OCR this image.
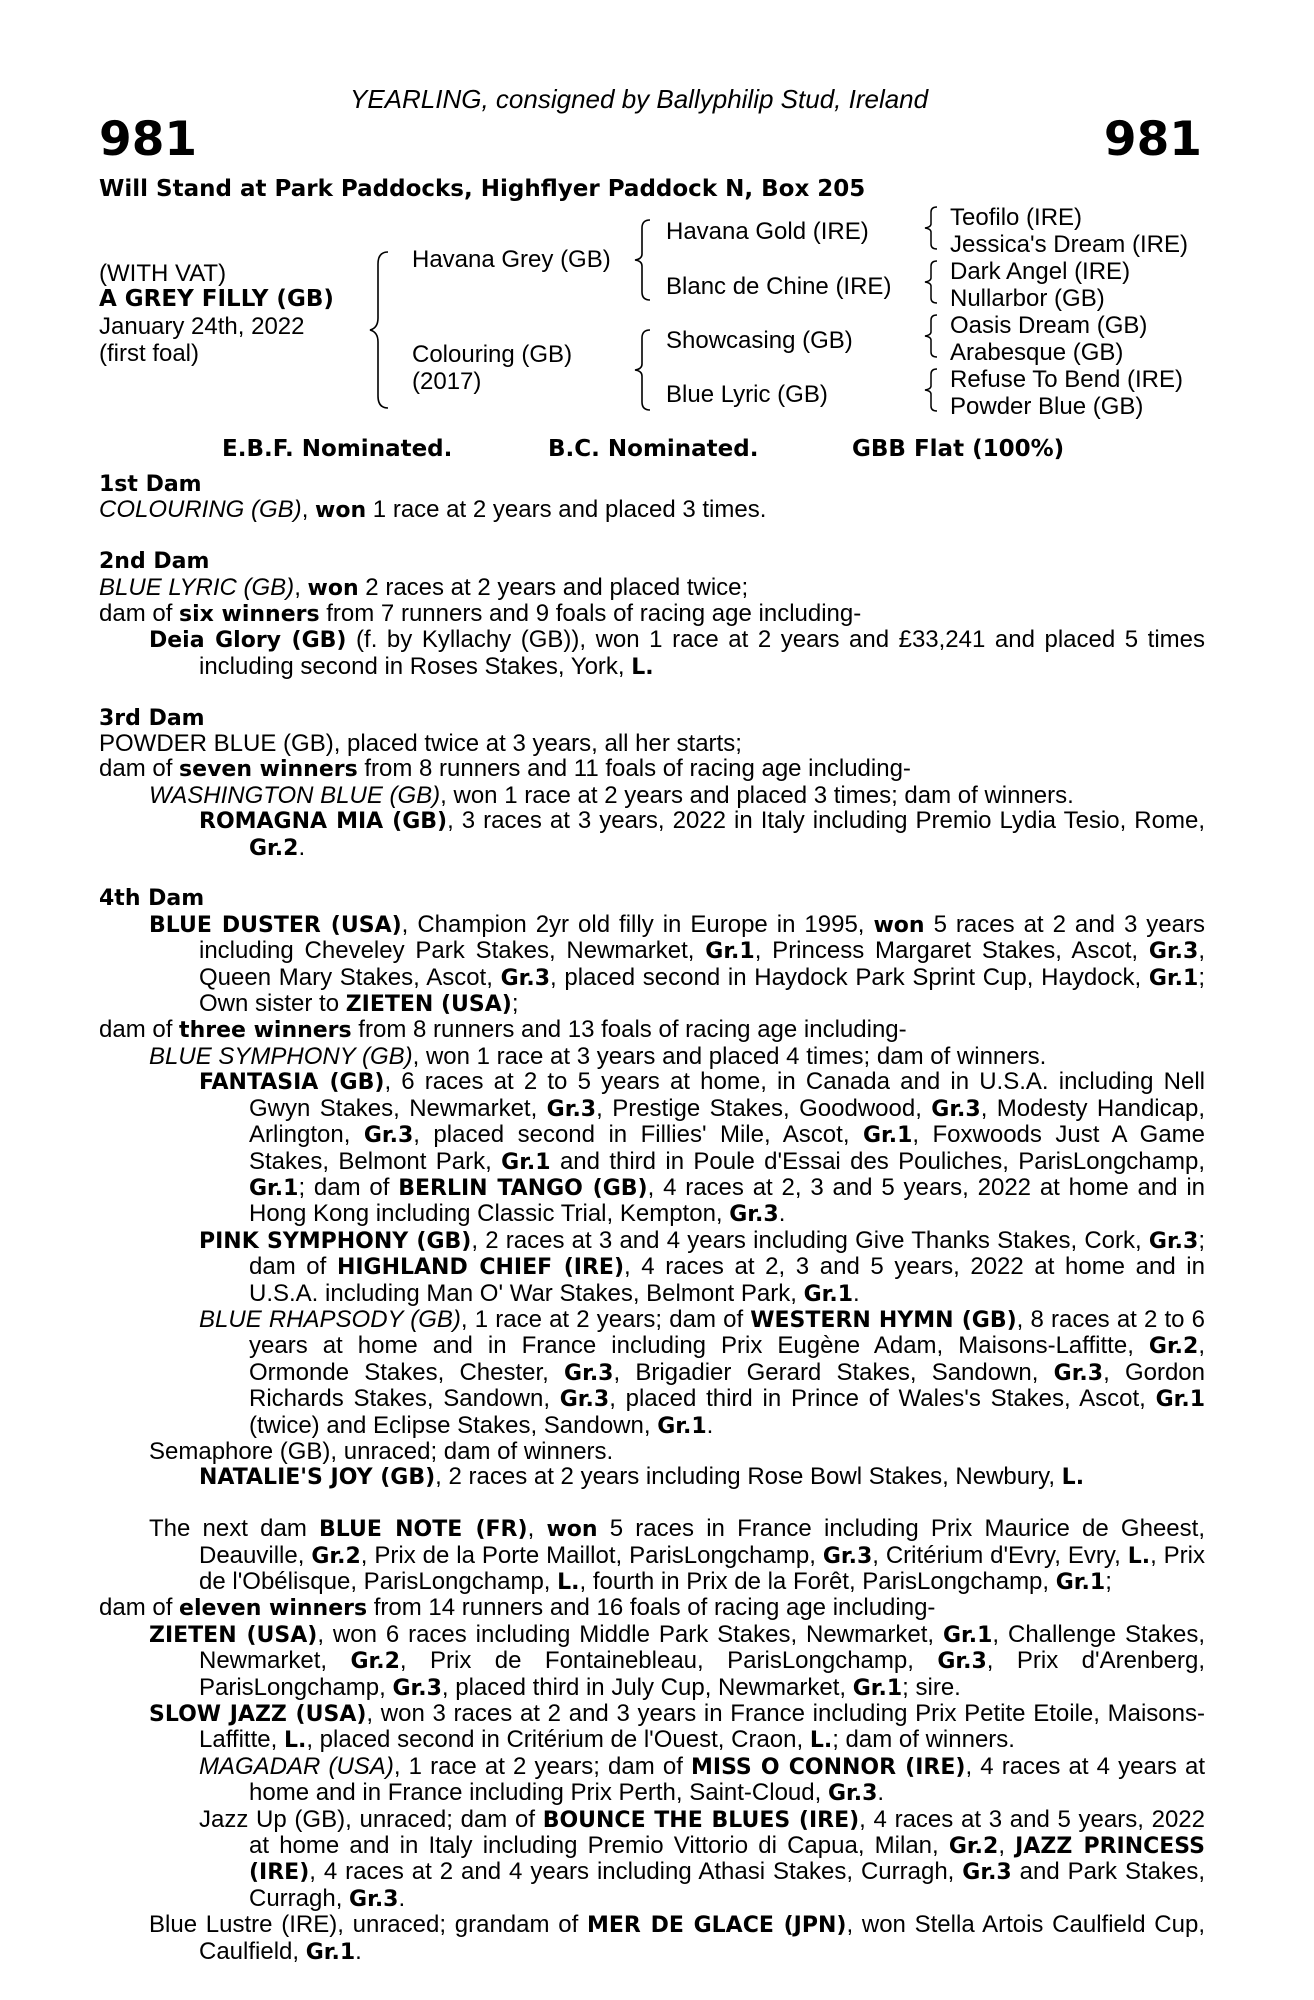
YEARLING, consigned by Ballyphilip Stud, Ireland
981	981
Will Stand at Park Paddocks, Highflyer Paddock N, Box 205
(WITH VAT)
A GREY FILLY (GB)
January 24th, 2022
(first foal)
Havana Grey (GB)
Colouring (GB)
(2017)
Havana Gold (IRE)
Blanc de Chine (IRE)
Showcasing (GB)
Blue Lyric (GB)
Teofilo (IRE)
Jessica's Dream (IRE)
Dark Angel (IRE)
Nullarbor (GB)
Oasis Dream (GB)
Arabesque (GB)
Refuse To Bend (IRE)
Powder Blue (GB)
E.B.F. Nominated.	B.C. Nominated.	GBB Flat (100%)
1st Dam
COLOURING (GB), won 1 race at 2 years and placed 3 times.
2nd Dam
BLUE LYRIC (GB), won 2 races at 2 years and placed twice;
dam of six winners from 7 runners and 9 foals of racing age including-
Deia Glory (GB) (f. by Kyllachy (GB)), won 1 race at 2 years and £33,241 and placed 5 times including second in Roses Stakes, York, L.
3rd Dam
POWDER BLUE (GB), placed twice at 3 years, all her starts;
dam of seven winners from 8 runners and 11 foals of racing age including-
WASHINGTON BLUE (GB), won 1 race at 2 years and placed 3 times; dam of winners.
ROMAGNA MIA (GB), 3 races at 3 years, 2022 in Italy including Premio Lydia Tesio, Rome, Gr.2.
4th Dam
BLUE DUSTER (USA), Champion 2yr old filly in Europe in 1995, won 5 races at 2 and 3 years including Cheveley Park Stakes, Newmarket, Gr.1, Princess Margaret Stakes, Ascot, Gr.3, Queen Mary Stakes, Ascot, Gr.3, placed second in Haydock Park Sprint Cup, Haydock, Gr.1; Own sister to ZIETEN (USA);
dam of three winners from 8 runners and 13 foals of racing age including-
BLUE SYMPHONY (GB), won 1 race at 3 years and placed 4 times; dam of winners.
FANTASIA (GB), 6 races at 2 to 5 years at home, in Canada and in U.S.A. including Nell Gwyn Stakes, Newmarket, Gr.3, Prestige Stakes, Goodwood, Gr.3, Modesty Handicap, Arlington, Gr.3, placed second in Fillies' Mile, Ascot, Gr.1, Foxwoods Just A Game Stakes, Belmont Park, Gr.1 and third in Poule d'Essai des Pouliches, ParisLongchamp, Gr.1; dam of BERLIN TANGO (GB), 4 races at 2, 3 and 5 years, 2022 at home and in Hong Kong including Classic Trial, Kempton, Gr.3.
PINK SYMPHONY (GB), 2 races at 3 and 4 years including Give Thanks Stakes, Cork, Gr.3; dam of HIGHLAND CHIEF (IRE), 4 races at 2, 3 and 5 years, 2022 at home and in U.S.A. including Man O' War Stakes, Belmont Park, Gr.1.
BLUE RHAPSODY (GB), 1 race at 2 years; dam of WESTERN HYMN (GB), 8 races at 2 to 6 years at home and in France including Prix Eugène Adam, Maisons-Laffitte, Gr.2, Ormonde Stakes, Chester, Gr.3, Brigadier Gerard Stakes, Sandown, Gr.3, Gordon Richards Stakes, Sandown, Gr.3, placed third in Prince of Wales's Stakes, Ascot, Gr.1 (twice) and Eclipse Stakes, Sandown, Gr.1.
Semaphore (GB), unraced; dam of winners.
NATALIE'S JOY (GB), 2 races at 2 years including Rose Bowl Stakes, Newbury, L.
The next dam BLUE NOTE (FR), won 5 races in France including Prix Maurice de Gheest, Deauville, Gr.2, Prix de la Porte Maillot, ParisLongchamp, Gr.3, Critérium d'Evry, Evry, L., Prix de l'Obélisque, ParisLongchamp, L., fourth in Prix de la Forêt, ParisLongchamp, Gr.1;
dam of eleven winners from 14 runners and 16 foals of racing age including-
ZIETEN (USA), won 6 races including Middle Park Stakes, Newmarket, Gr.1, Challenge Stakes, Newmarket, Gr.2, Prix de Fontainebleau, ParisLongchamp, Gr.3, Prix d'Arenberg, ParisLongchamp, Gr.3, placed third in July Cup, Newmarket, Gr.1; sire.
SLOW JAZZ (USA), won 3 races at 2 and 3 years in France including Prix Petite Etoile, Maisons-Laffitte, L., placed second in Critérium de l'Ouest, Craon, L.; dam of winners.
MAGADAR (USA), 1 race at 2 years; dam of MISS O CONNOR (IRE), 4 races at 4 years at home and in France including Prix Perth, Saint-Cloud, Gr.3.
Jazz Up (GB), unraced; dam of BOUNCE THE BLUES (IRE), 4 races at 3 and 5 years, 2022 at home and in Italy including Premio Vittorio di Capua, Milan, Gr.2, JAZZ PRINCESS (IRE), 4 races at 2 and 4 years including Athasi Stakes, Curragh, Gr.3 and Park Stakes, Curragh, Gr.3.
Blue Lustre (IRE), unraced; grandam of MER DE GLACE (JPN), won Stella Artois Caulfield Cup, Caulfield, Gr.1.
